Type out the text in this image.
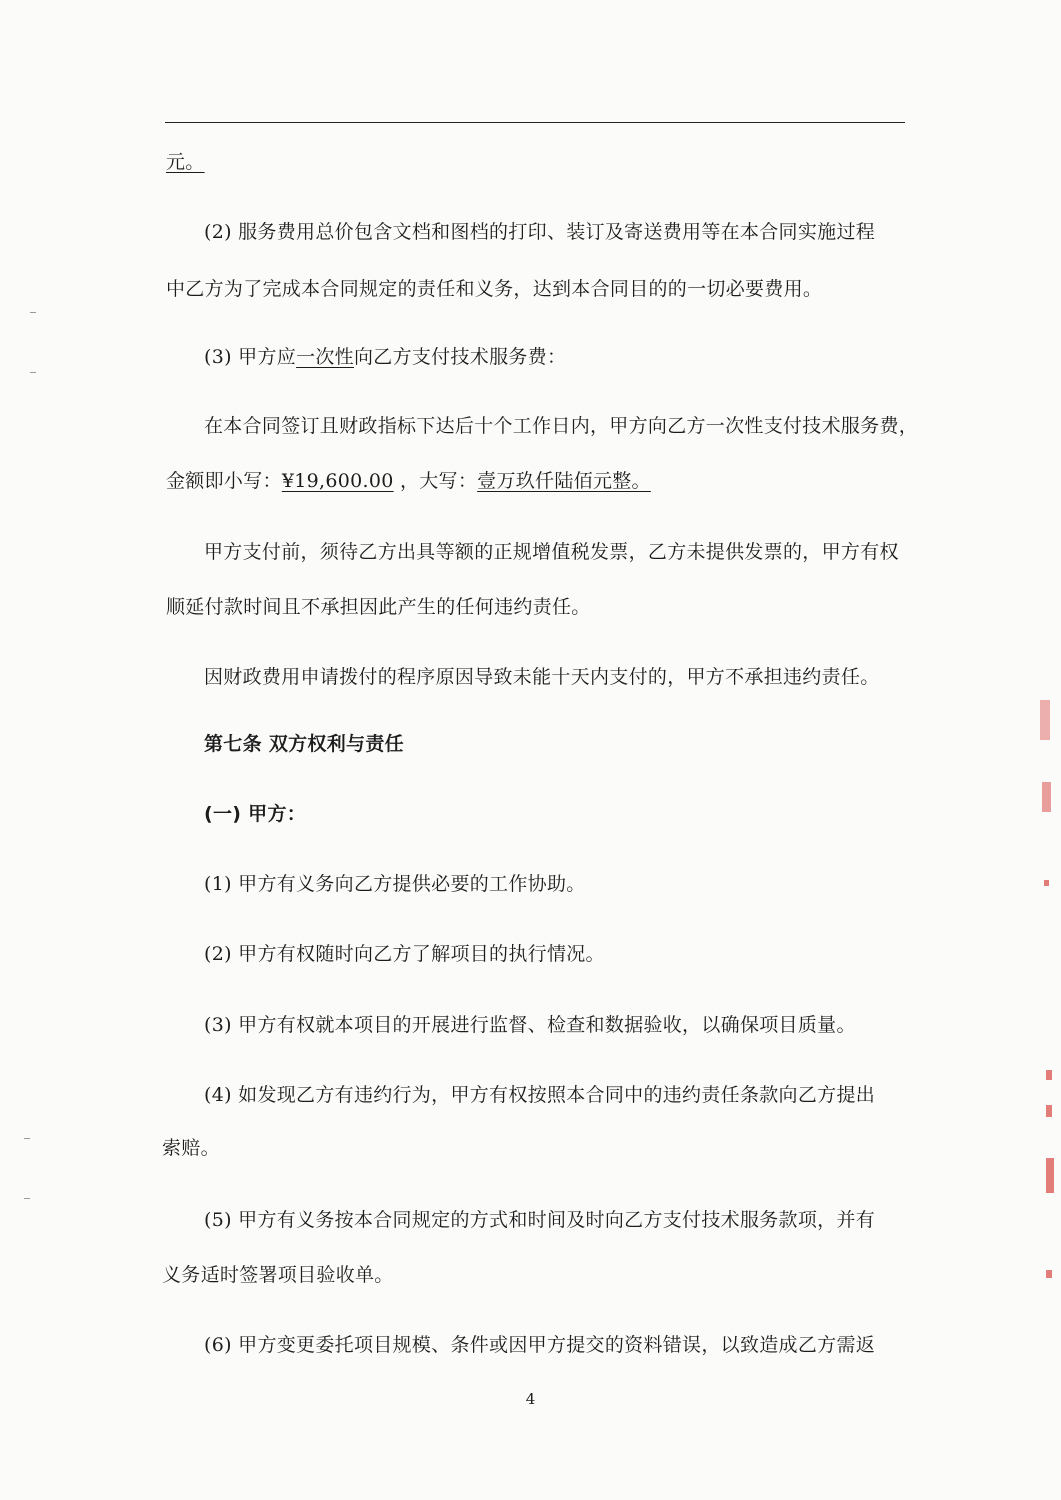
元。
(2) 服务费用总价包含文档和图档的打印、装订及寄送费用等在本合同实施过程
中乙方为了完成本合同规定的责任和义务，达到本合同目的的一切必要费用。
(3) 甲方应一次性向乙方支付技术服务费：
在本合同签订且财政指标下达后十个工作日内，甲方向乙方一次性支付技术服务费，
金额即小写：¥19,600.00 ，大写：壹万玖仟陆佰元整。
甲方支付前，须待乙方出具等额的正规增值税发票，乙方未提供发票的，甲方有权
顺延付款时间且不承担因此产生的任何违约责任。
因财政费用申请拨付的程序原因导致未能十天内支付的，甲方不承担违约责任。
第七条 双方权利与责任
(一) 甲方：
(1) 甲方有义务向乙方提供必要的工作协助。
(2) 甲方有权随时向乙方了解项目的执行情况。
(3) 甲方有权就本项目的开展进行监督、检查和数据验收，以确保项目质量。
(4) 如发现乙方有违约行为，甲方有权按照本合同中的违约责任条款向乙方提出
索赔。
(5) 甲方有义务按本合同规定的方式和时间及时向乙方支付技术服务款项，并有
义务适时签署项目验收单。
(6) 甲方变更委托项目规模、条件或因甲方提交的资料错误，以致造成乙方需返
4
